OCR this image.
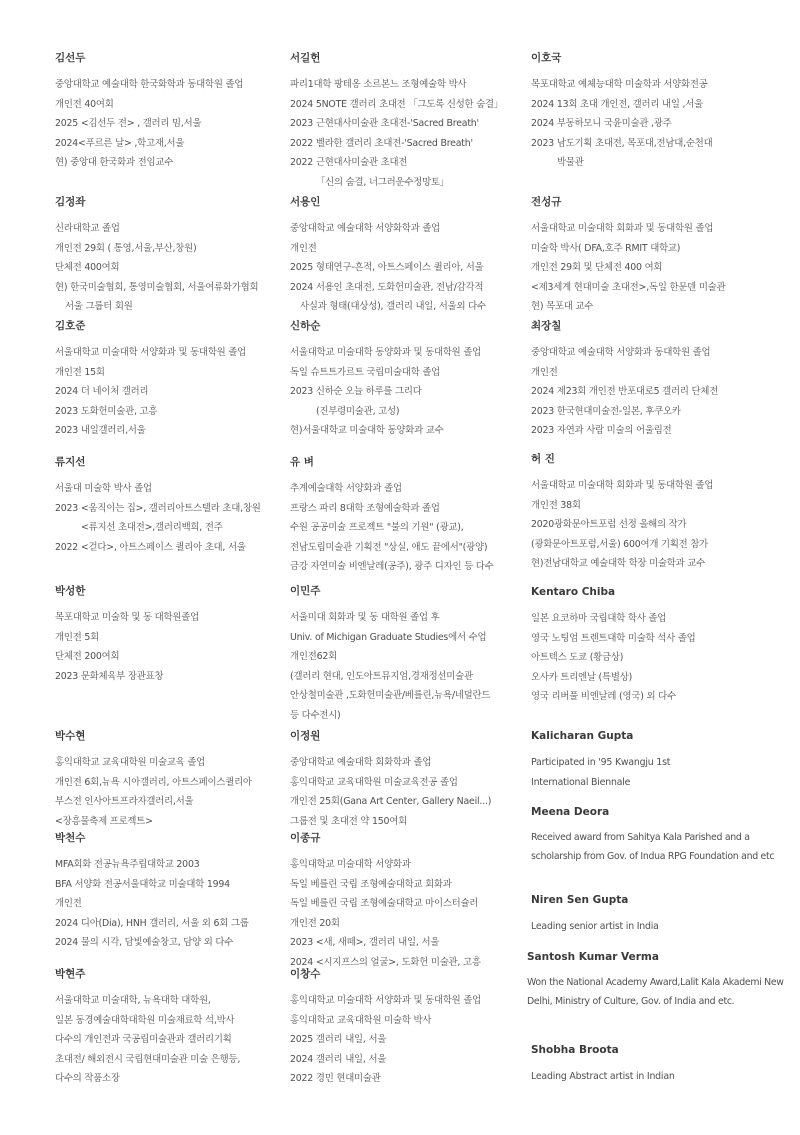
김선두
중앙대학교 예술대학 한국화학과 동대학원 졸업
개인전 40여회
2025 <김선두 전> , 갤러리 밈,서울
2024<푸르른 날> ,학고재,서울
현) 중앙대 한국화과 전임교수
김정좌
신라대학교 졸업
개인전 29회 ( 통영,서울,부산,창원)
단체전 400여회
현) 한국미술협회, 통영미술협회, 서울여류화가협회
서울 그룹터 회원
김호준
서울대학교 미술대학 서양화과 및 동대학원 졸업
개인전 15회
2024 더 네이처 갤러리
2023 도화헌미술관, 고흥
2023 내일갤러리,서울
류지선
서울대 미술학 박사 졸업
2023 <움직이는 집>, 갤러리아트스텔라 초대,창원
<류지선 초대전>,갤러리백희, 전주
2022 <걷다>, 아트스페이스 퀼리아 초대, 서울
박성한
목포대학교 미술학 및 동 대학원졸업
개인전 5회
단체전 200여회
2023 문화체육부 장관표창
박수현
홍익대학교 교육대학원 미술교육 졸업
개인전 6회,뉴욕 시아갤러리, 아트스페이스퀼리아
부스전 인사아트프라자갤러리,서울
<장흥물축제 프로젝트>
박천수
MFA회화 전공뉴욕주립대학교 2003
BFA 서양화 전공서울대학교 미술대학 1994
개인전
2024 디아(Dia), HNH 갤러리, 서울 외 6회 그룹
2024 물의 시각, 담빛예술창고, 담양 외 다수
박현주
서울대학교 미술대학, 뉴욕대학 대학원,
일본 동경예술대학대학원 미술재료학 석,박사
다수의 개인전과 국공립미술관과 갤러리기획
초대전/ 해외전시 국립현대미술관 미술 은행등,
다수의 작품소장
서길헌
파리1대학 팡테옹 소르본느 조형예술학 박사
2024 5NOTE 갤러리 초대전 「그도록 신성한 숨결」
2023 근현대사미술관 초대전-'Sacred Breath'
2022 벨라한 갤러리 초대전-'Sacred Breath'
2022 근현대사미술관 초대전
「신의 숨결, 너그러운수정망토」
서용인
중앙대학교 예술대학 서양화학과 졸업
개인전
2025 형태연구-흔적, 아트스페이스 퀼리아, 서울
2024 서용인 초대전, 도화헌미술관, 전남/감각적
사실과 형태(대상성), 갤러리 내일, 서울외 다수
신하순
서울대학교 미술대학 동양화과 및 동대학원 졸업
독일 슈트트가르트 국립미술대학 졸업
2023 신하순 오늘 하루를 그리다
(진부령미술관, 고성)
현)서울대학교 미술대학 동양화과 교수
유 벼
추계예술대학 서양화과 졸업
프랑스 파리 8대학 조형예술학과 졸업
수원 공공미술 프로젝트 "불의 기원" (광교),
전남도립미술관 기획전 "상실, 애도 끝에서"(광양)
금강 자연미술 비엔날레(공주), 광주 디자인 등 다수
이민주
서울미대 회화과 및 동 대학원 졸업 후
Univ. of Michigan Graduate Studies에서 수업
개인전62회
(갤러리 현대, 인도아트뮤지엄,경재정선미술관
안상철미술관 ,도화헌미술관/베를린,뉴욕/네덜란드
등 다수전시)
이정원
중앙대학교 예술대학 회화학과 졸업
홍익대학교 교육대학원 미술교육전공 졸업
개인전 25회(Gana Art Center, Gallery Naeil...)
그룹전 및 초대전 약 150여회
이종규
홍익대학교 미술대학 서양화과
독일 베를린 국립 조형예술대학교 회화과
독일 베를린 국립 조형예술대학교 마이스터슐러
개인전 20회
2023 <새, 새떼>, 갤러리 내일, 서울
2024 <시지프스의 얼굴>, 도화헌 미술관, 고흥
이창수
홍익대학교 미술대학 서양화과 및 동대학원 졸업
홍익대학교 교육대학원 미술학 박사
2025 갤러리 내일, 서울
2024 갤러리 내일, 서울
2022 경민 현대미술관
이호국
목포대학교 예체능대학 미술학과 서양화전공
2024 13회 초대 개인전, 갤러리 내일 ,서울
2024 부동하모니 국윤미술관 ,광주
2023 남도기획 초대전, 목포대,전남대,순천대
박물관
전성규
서울대학교 미술대학 회화과 및 동대학원 졸업
미술학 박사( DFA,호주 RMIT 대학교)
개인전 29회 및 단체전 400 여회
<제3세계 현대미술 초대전>,독일 한문덴 미술관
현) 목포대 교수
최장칠
중앙대학교 예술대학 서양화과 동대학원 졸업
개인전
2024 제23회 개인전 반포대로5 갤러리 단체전
2023 한국현대미술전-일본, 후쿠오카
2023 자연과 사람 미술의 어울림전
허 진
서울대학교 미술대학 회화과 및 동대학원 졸업
개인전 38회
2020광화문아트포럼 선정 올해의 작가
(광화문아트포럼,서울) 600여개 기획전 참가
현)전남대학교 예술대학 학장 미술학과 교수
Kentaro Chiba
일본 요코하마 국립대학 학사 졸업
영국 노팅엄 트렌트대학 미술학 석사 졸업
아트텍스 도쿄 (황금상)
오사카 트리엔날 (특별상)
영국 리버풀 비엔날레 (영국) 외 다수
Kalicharan Gupta
Participated in '95 Kwangju 1st
International Biennale
Meena Deora
Received award from Sahitya Kala Parished and a scholarship from Gov. of Indua RPG Foundation and etc
Niren Sen Gupta
Leading senior artist in India
Santosh Kumar Verma
Won the National Academy Award,Lalit Kala Akademi New Delhi, Ministry of Culture, Gov. of India and etc.
Shobha Broota
Leading Abstract artist in Indian
